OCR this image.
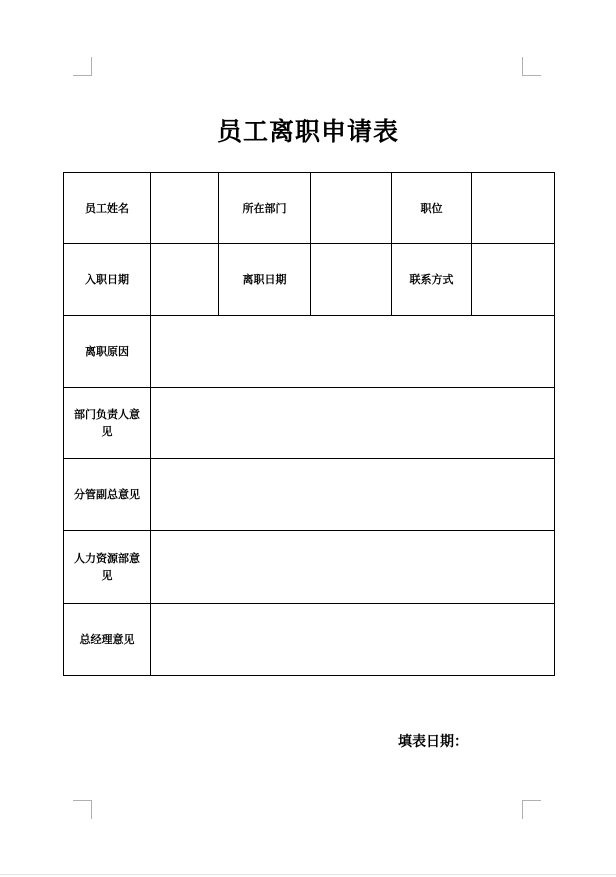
员工离职申请表
员工姓名		所在部门		职位	
入职日期		离职日期		联系方式	
离职原因					

部门负责人意见					

分管副总意见					

人力资源部意见					

总经理意见					
填表日期：
